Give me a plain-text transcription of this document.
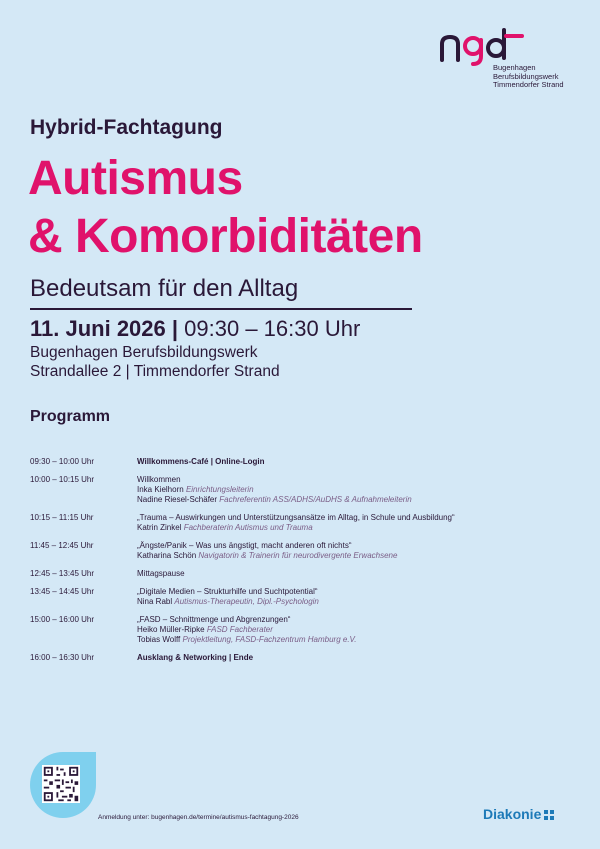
Bugenhagen
Berufsbildungswerk
Timmendorfer Strand
Hybrid-Fachtagung
Autismus
& Komorbiditäten
Bedeutsam für den Alltag
11. Juni 2026 | 09:30 – 16:30 Uhr
Bugenhagen Berufsbildungswerk
Strandallee 2 | Timmendorfer Strand
Programm
09:30 – 10:00 Uhr	Willkommens-Café | Online-Login
10:00 – 10:15 Uhr	Willkommen
Inka Kielhorn Einrichtungsleiterin
Nadine Riesel-Schäfer Fachreferentin ASS/ADHS/AuDHS & Aufnahmeleiterin
10:15 – 11:15 Uhr	„Trauma – Auswirkungen und Unterstützungsansätze im Alltag, in Schule und Ausbildung“
Katrin Zinkel Fachberaterin Autismus und Trauma
11:45 – 12:45 Uhr	„Ängste/Panik – Was uns ängstigt, macht anderen oft nichts“
Katharina Schön Navigatorin & Trainerin für neurodivergente Erwachsene
12:45 – 13:45 Uhr	Mittagspause
13:45 – 14:45 Uhr	„Digitale Medien – Strukturhilfe und Suchtpotential“
Nina Rabl Autismus-Therapeutin, Dipl.-Psychologin
15:00 – 16:00 Uhr	„FASD – Schnittmenge und Abgrenzungen“
Heiko Müller-Ripke FASD Fachberater
Tobias Wolff Projektleitung, FASD-Fachzentrum Hamburg e.V.
16:00 – 16:30 Uhr	Ausklang & Networking | Ende
Anmeldung unter: bugenhagen.de/termine/autismus-fachtagung-2026	Diakonie
